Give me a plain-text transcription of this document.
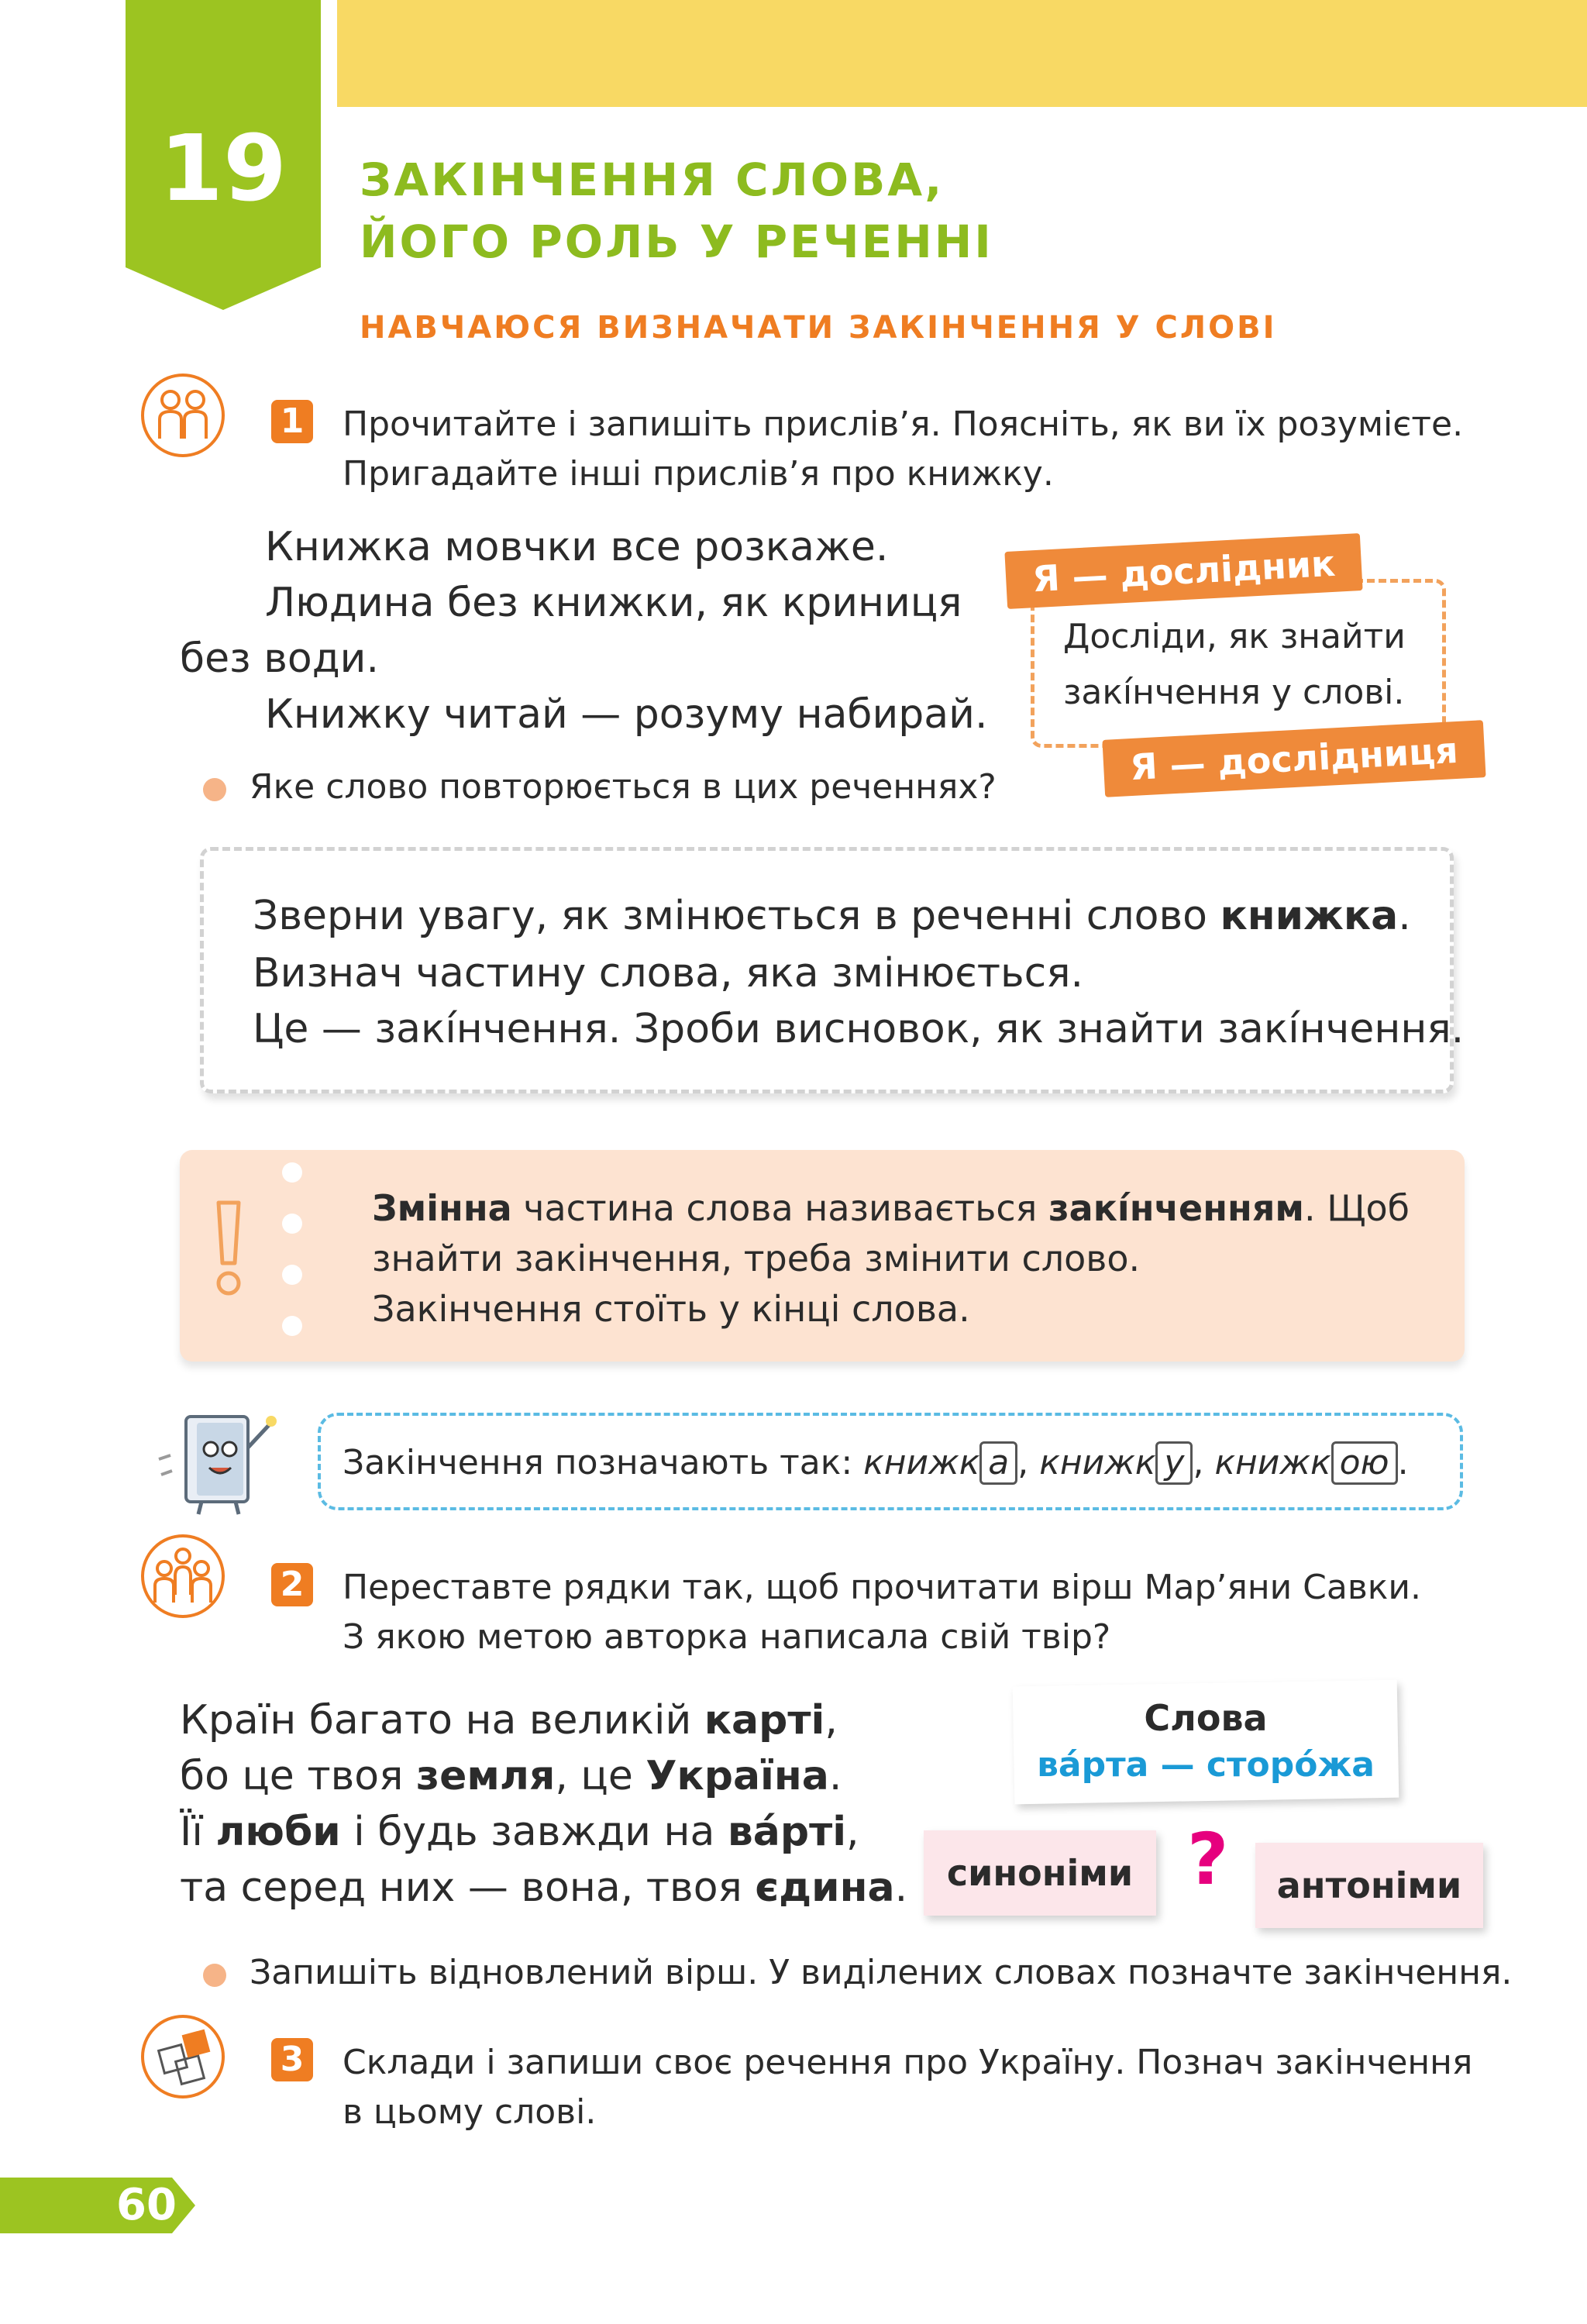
19	ЗАКІНЧЕННЯ СЛОВА,
ЙОГО РОЛЬ У РЕЧЕННІ
НАВЧАЮСЯ ВИЗНАЧАТИ ЗАКІНЧЕННЯ У СЛОВІ
1 Прочитайте і запишіть прислів’я. Поясніть, як ви їх розумієте.
Пригадайте інші прислів’я про книжку.
Книжка мовчки все розкаже.
Людина без книжки, як криниця
без води.
Книжку читай — розуму набирай.
Яке слово повторюється в цих реченнях?
Я — дослідник
Досліди, як знайти
закі́нчення у слові.
Я — дослідниця
Зверни увагу, як змінюється в реченні слово книжка.
Визнач частину слова, яка змінюється.
Це — закі́нчення. Зроби висновок, як знайти закі́нчення.
Змінна частина слова називається закі́нченням. Щоб
знайти закінчення, треба змінити слово.
Закінчення стоїть у кінці слова.
Закінчення позначають так: книжк а , книжк у , книжк ою .
2 Переставте рядки так, щоб прочитати вірш Мар’яни Савки.
З якою метою авторка написала свій твір?
Країн багато на великій карті,
бо це твоя земля, це Україна.
Її люби і будь завжди на ва́рті,
та серед них — вона, твоя єдина.
Слова
ва́рта — сторо́жа
синоніми ?	антоніми
Запишіть відновлений вірш. У виділених словах позначте закінчення.
3 Склади і запиши своє речення про Україну. Познач закінчення
в цьому слові.
60
